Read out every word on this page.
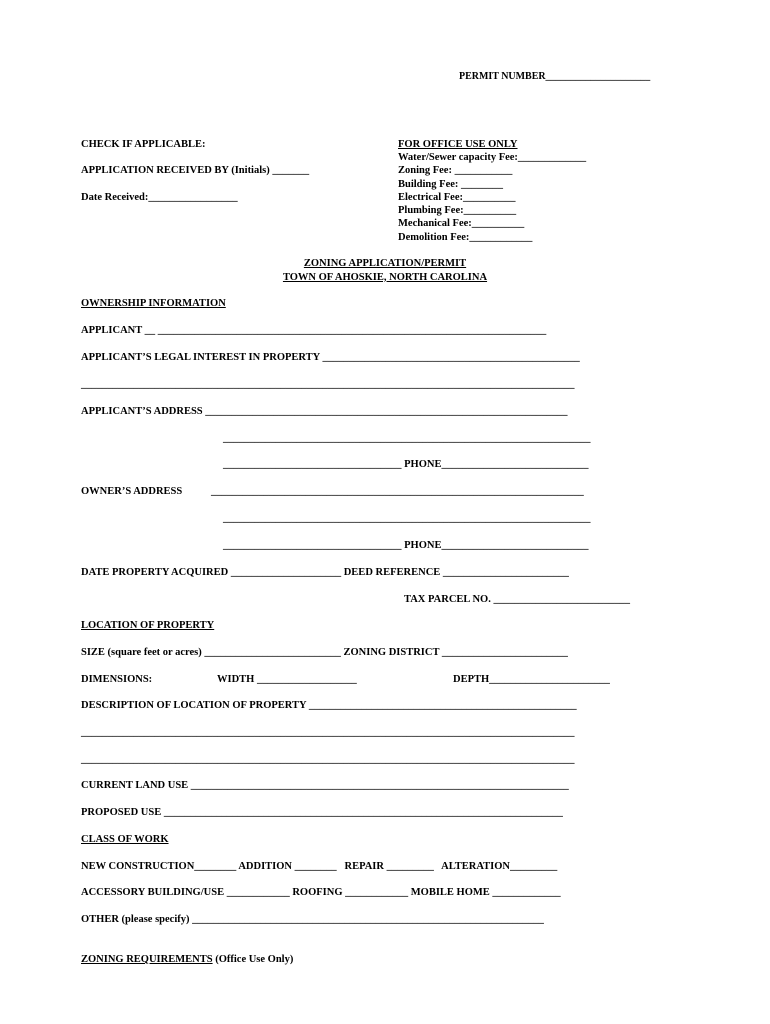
PERMIT NUMBER_____________________
CHECK IF APPLICABLE:
APPLICATION RECEIVED BY (Initials) _______
Date Received:_________________
FOR OFFICE USE ONLY
Water/Sewer capacity Fee:_____________
Zoning Fee: ___________
Building Fee: ________
Electrical Fee:__________
Plumbing Fee:__________
Mechanical Fee:__________
Demolition Fee:____________
ZONING APPLICATION/PERMIT
TOWN OF AHOSKIE, NORTH CAROLINA
OWNERSHIP INFORMATION
APPLICANT __ __________________________________________________________________________
APPLICANT’S LEGAL INTEREST IN PROPERTY _________________________________________________
______________________________________________________________________________________________
APPLICANT’S ADDRESS _____________________________________________________________________
______________________________________________________________________
__________________________________ PHONE____________________________
OWNER’S ADDRESS	_______________________________________________________________________
______________________________________________________________________
__________________________________ PHONE____________________________
DATE PROPERTY ACQUIRED _____________________ DEED REFERENCE ________________________
TAX PARCEL NO. __________________________
LOCATION OF PROPERTY
SIZE (square feet or acres) __________________________ ZONING DISTRICT ________________________
DIMENSIONS:	WIDTH ___________________	DEPTH_______________________
DESCRIPTION OF LOCATION OF PROPERTY ___________________________________________________
______________________________________________________________________________________________
______________________________________________________________________________________________
CURRENT LAND USE ________________________________________________________________________
PROPOSED USE ____________________________________________________________________________
CLASS OF WORK
NEW CONSTRUCTION________ ADDITION ________   REPAIR _________   ALTERATION_________
ACCESSORY BUILDING/USE ____________ ROOFING ____________ MOBILE HOME _____________
OTHER (please specify) ___________________________________________________________________
ZONING REQUIREMENTS (Office Use Only)
